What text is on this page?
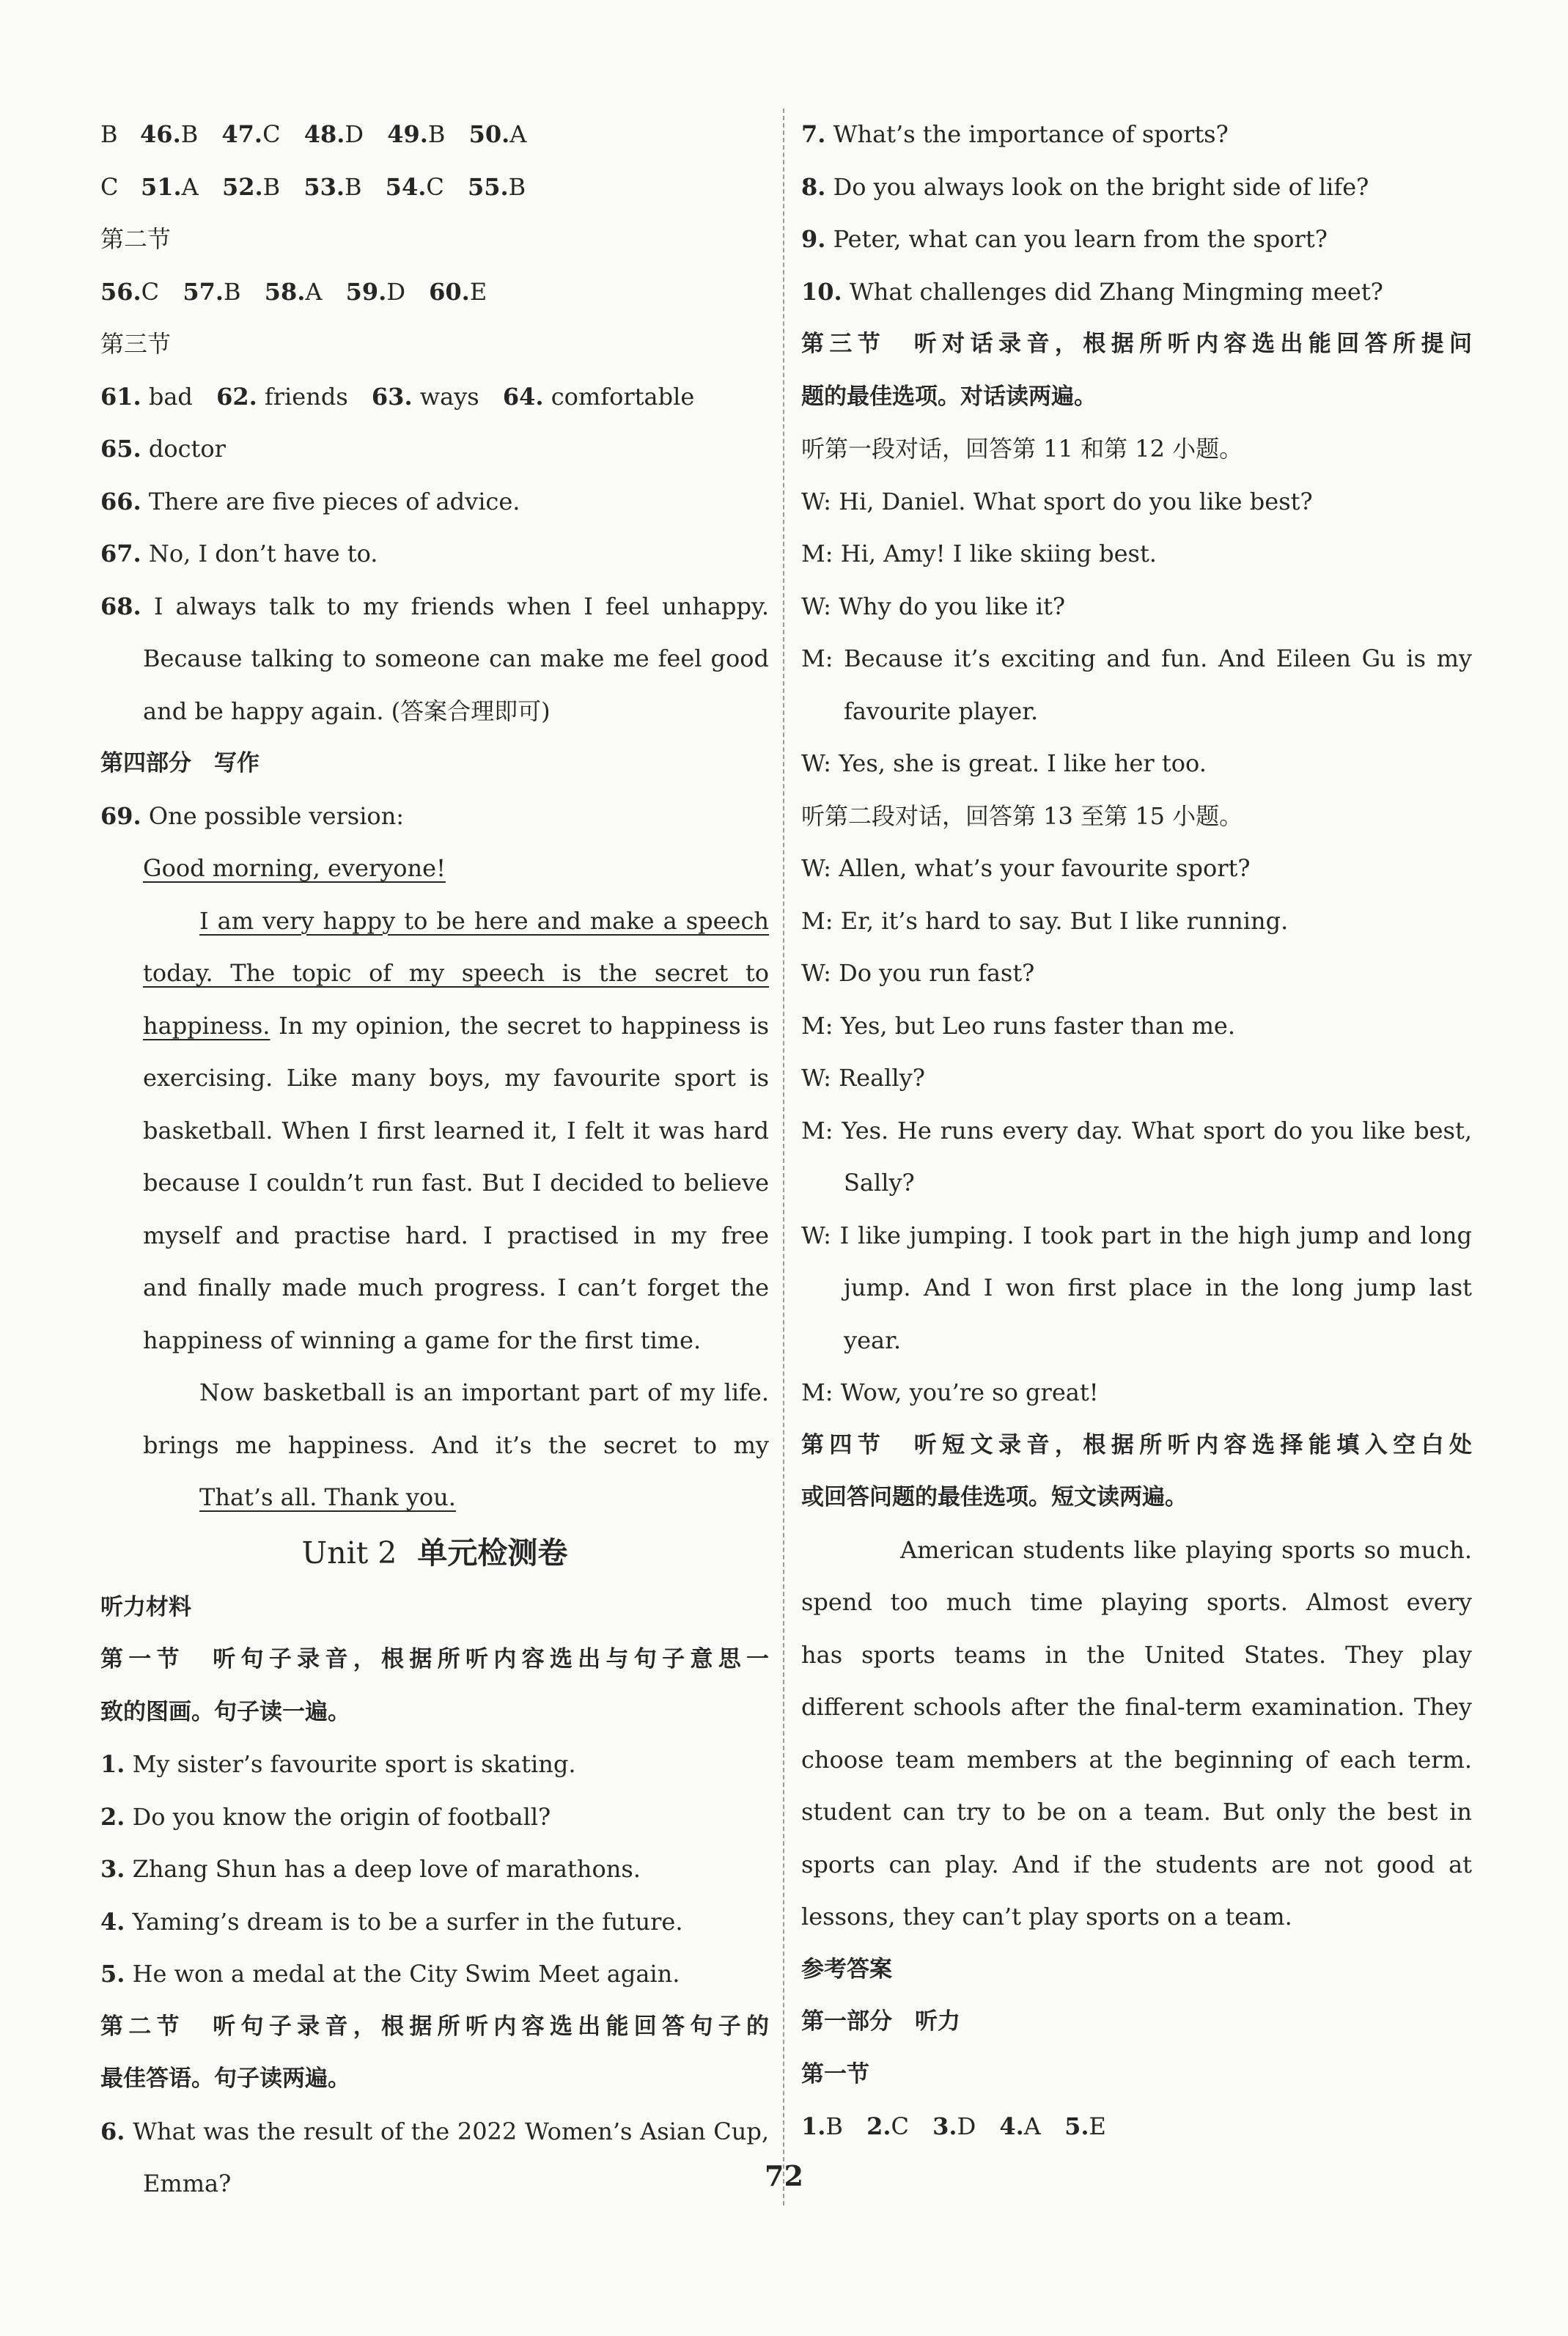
B 46.B 47.C 48.D 49.B 50.A
C 51.A 52.B 53.B 54.C 55.B
第二节
56.C 57.B 58.A 59.D 60.E
第三节
61. bad 62. friends 63. ways 64. comfortable
65. doctor
66. There are five pieces of advice.
67. No, I don’t have to.
68. I always talk to my friends when I feel unhappy.
Because talking to someone can make me feel good
and be happy again. (答案合理即可)
第四部分　写作
69. One possible version:
Good morning, everyone!
I am very happy to be here and make a speech
today. The topic of my speech is the secret to
happiness. In my opinion, the secret to happiness is
exercising. Like many boys, my favourite sport is
basketball. When I first learned it, I felt it was hard
because I couldn’t run fast. But I decided to believe
myself and practise hard. I practised in my free
and finally made much progress. I can’t forget the
happiness of winning a game for the first time.
Now basketball is an important part of my life.
brings me happiness. And it’s the secret to my
That’s all. Thank you.
Unit 2 单元检测卷
听力材料
第一节　听句子录音，根据所听内容选出与句子意思一
致的图画。句子读一遍。
1. My sister’s favourite sport is skating.
2. Do you know the origin of football?
3. Zhang Shun has a deep love of marathons.
4. Yaming’s dream is to be a surfer in the future.
5. He won a medal at the City Swim Meet again.
第二节　听句子录音，根据所听内容选出能回答句子的
最佳答语。句子读两遍。
6. What was the result of the 2022 Women’s Asian Cup,
Emma?
7. What’s the importance of sports?
8. Do you always look on the bright side of life?
9. Peter, what can you learn from the sport?
10. What challenges did Zhang Mingming meet?
第三节　听对话录音，根据所听内容选出能回答所提问
题的最佳选项。对话读两遍。
听第一段对话，回答第 11 和第 12 小题。
W: Hi, Daniel. What sport do you like best?
M: Hi, Amy! I like skiing best.
W: Why do you like it?
M: Because it’s exciting and fun. And Eileen Gu is my
favourite player.
W: Yes, she is great. I like her too.
听第二段对话，回答第 13 至第 15 小题。
W: Allen, what’s your favourite sport?
M: Er, it’s hard to say. But I like running.
W: Do you run fast?
M: Yes, but Leo runs faster than me.
W: Really?
M: Yes. He runs every day. What sport do you like best,
Sally?
W: I like jumping. I took part in the high jump and long
jump. And I won first place in the long jump last
year.
M: Wow, you’re so great!
第四节　听短文录音，根据所听内容选择能填入空白处
或回答问题的最佳选项。短文读两遍。
American students like playing sports so much.
spend too much time playing sports. Almost every
has sports teams in the United States. They play
different schools after the final-term examination. They
choose team members at the beginning of each term.
student can try to be on a team. But only the best in
sports can play. And if the students are not good at
lessons, they can’t play sports on a team.
参考答案
第一部分　听力
第一节
1.B 2.C 3.D 4.A 5.E
72
